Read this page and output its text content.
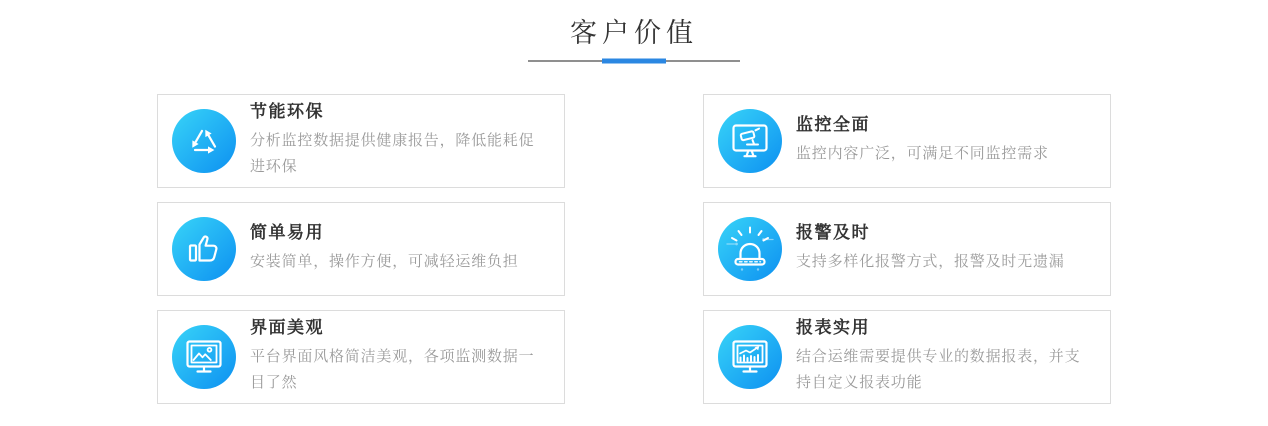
客户价值
节能环保

分析监控数据提供健康报告，降低能耗促进环保

监控全面

监控内容广泛，可满足不同监控需求

简单易用

安装简单，操作方便，可减轻运维负担

报警及时

支持多样化报警方式，报警及时无遗漏

界面美观

平台界面风格简洁美观，各项监测数据一目了然

报表实用

结合运维需要提供专业的数据报表，并支持自定义报表功能
